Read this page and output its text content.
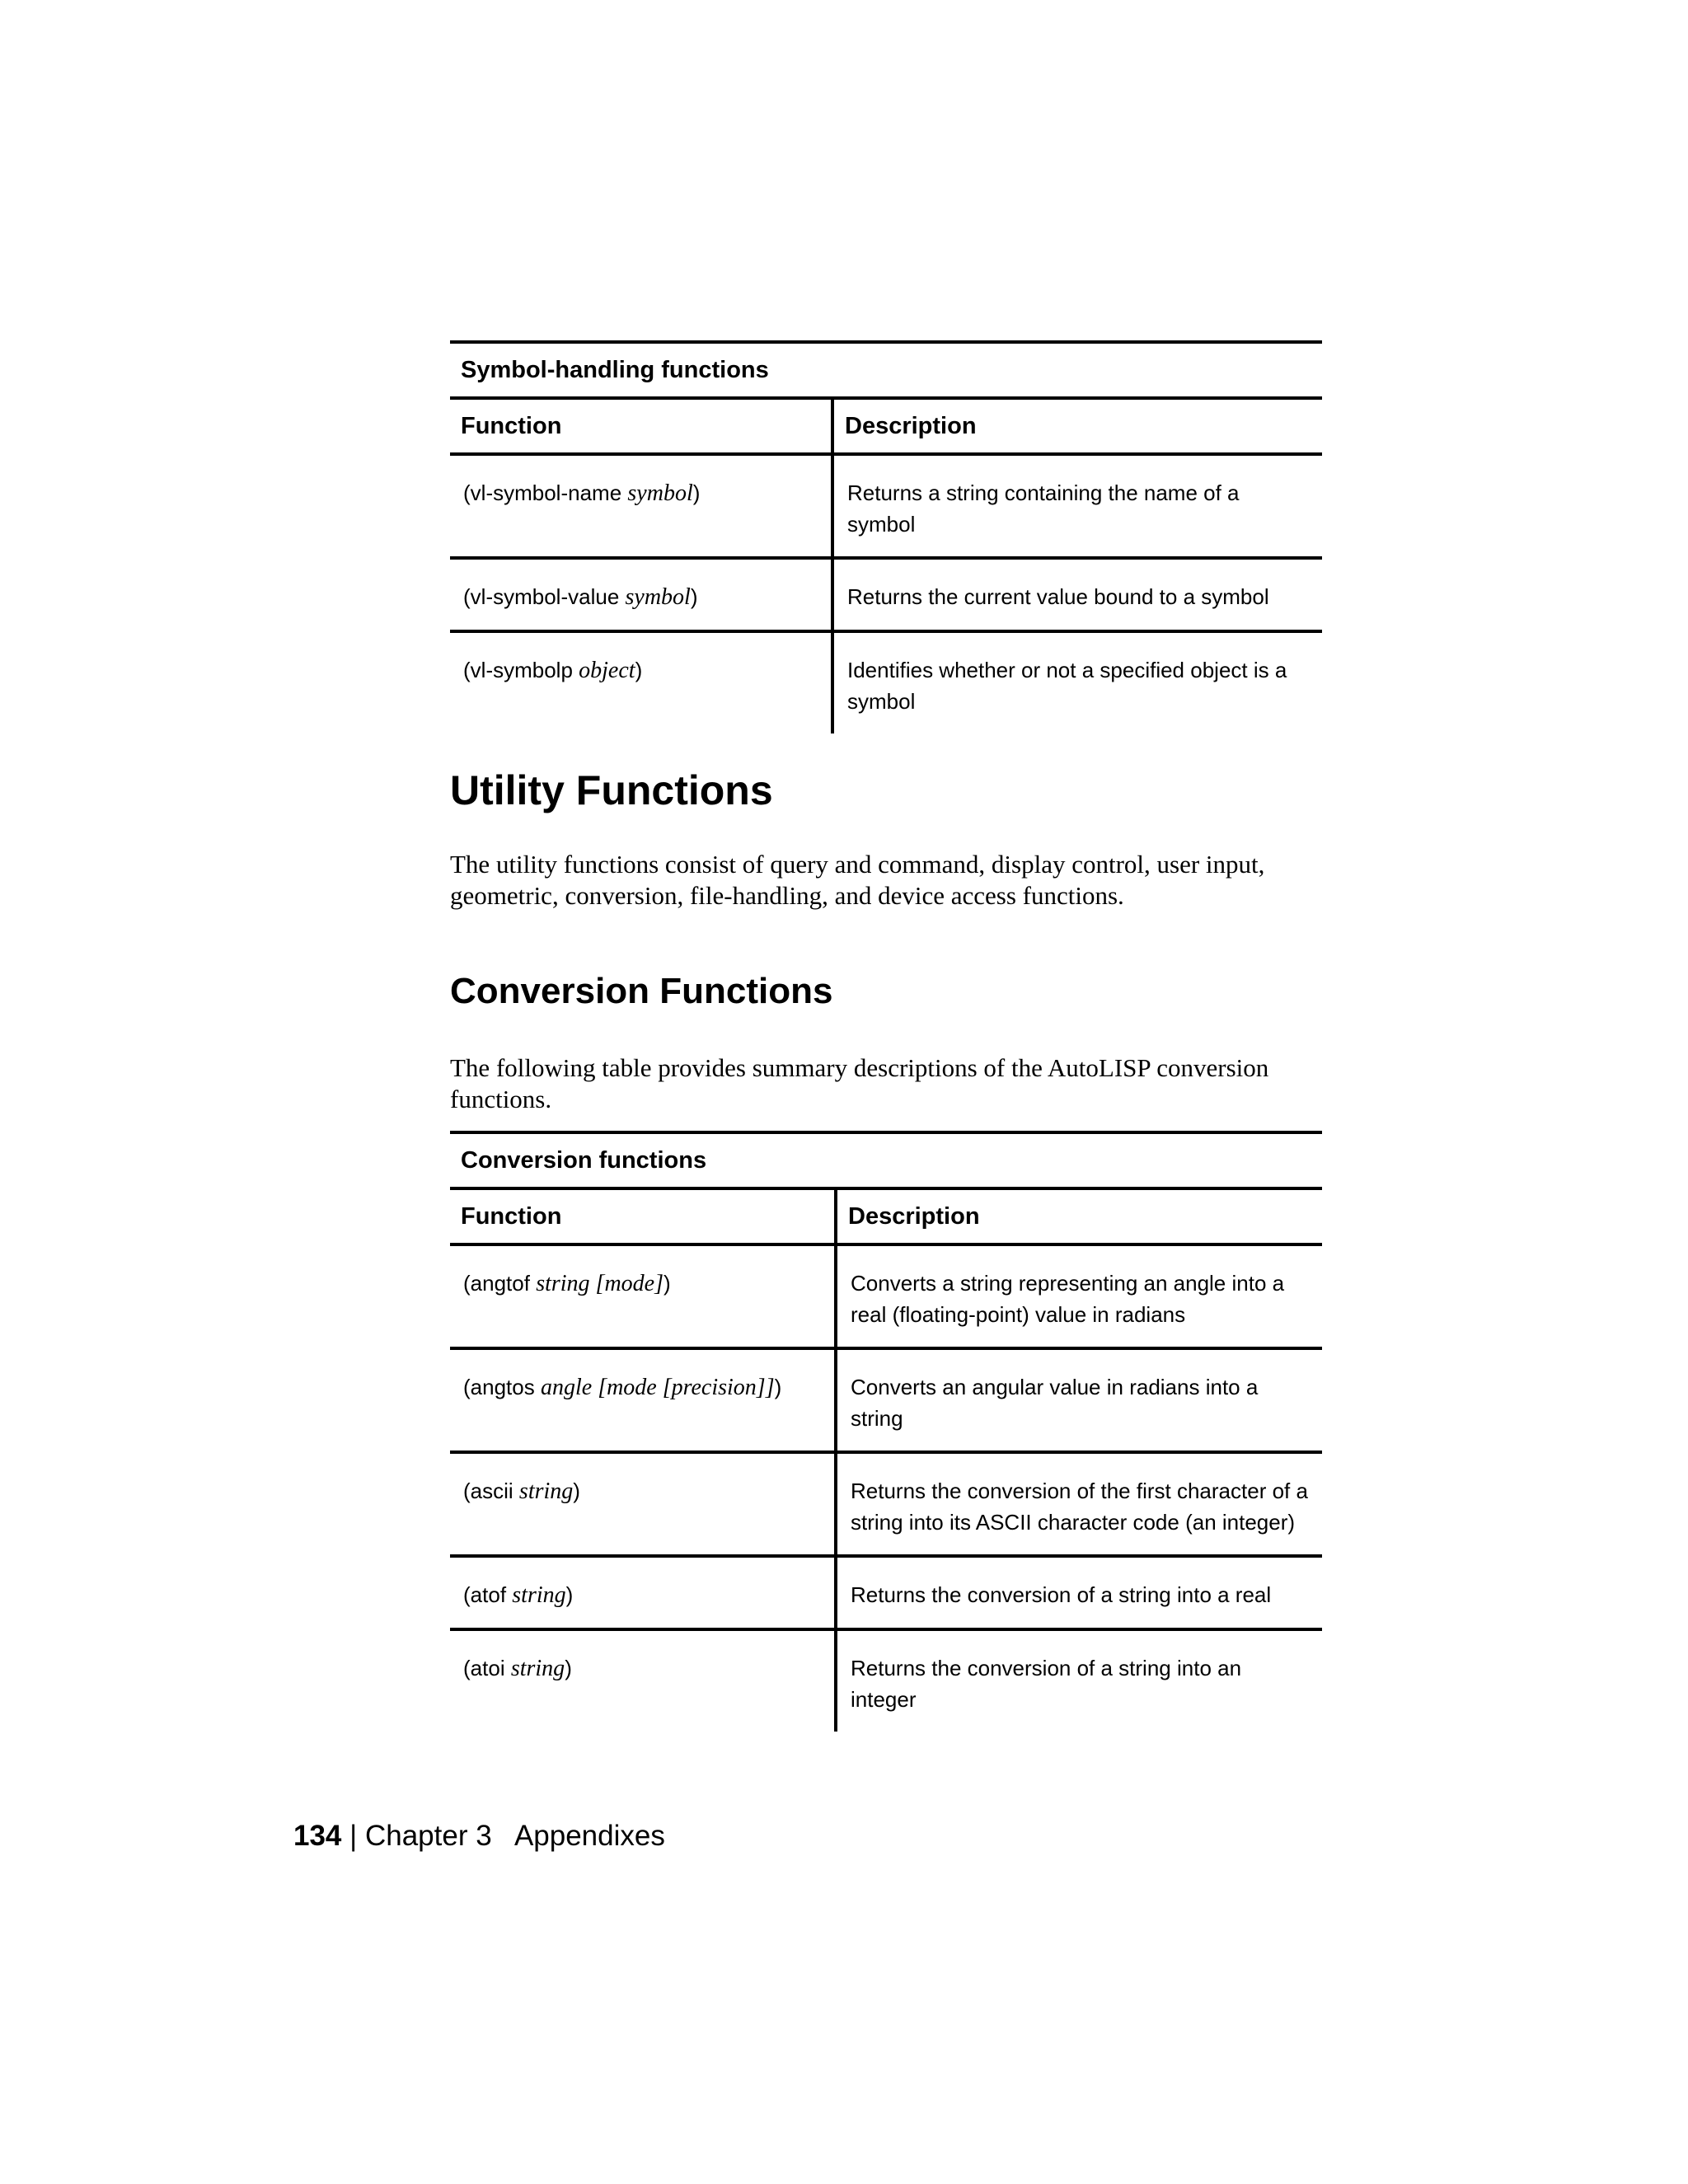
Symbol-handling functions	
Function	Description
(vl-symbol-name symbol)	Returns a string containing the name of a symbol
(vl-symbol-value symbol)	Returns the current value bound to a symbol
(vl-symbolp object)	Identifies whether or not a specified object is a symbol
Utility Functions

The utility functions consist of query and command, display control, user input, geometric, conversion, file-handling, and device access functions.

Conversion Functions

The following table provides summary descriptions of the AutoLISP conversion functions.

Conversion functions	
Function	Description
(angtof string [mode])	Converts a string representing an angle into a real (floating-point) value in radians
(angtos angle [mode [precision]])	Converts an angular value in radians into a string
(ascii string)	Returns the conversion of the first character of a string into its ASCII character code (an integer)
(atof string)	Returns the conversion of a string into a real
(atoi string)	Returns the conversion of a string into an integer
134 | Chapter 3 Appendixes
